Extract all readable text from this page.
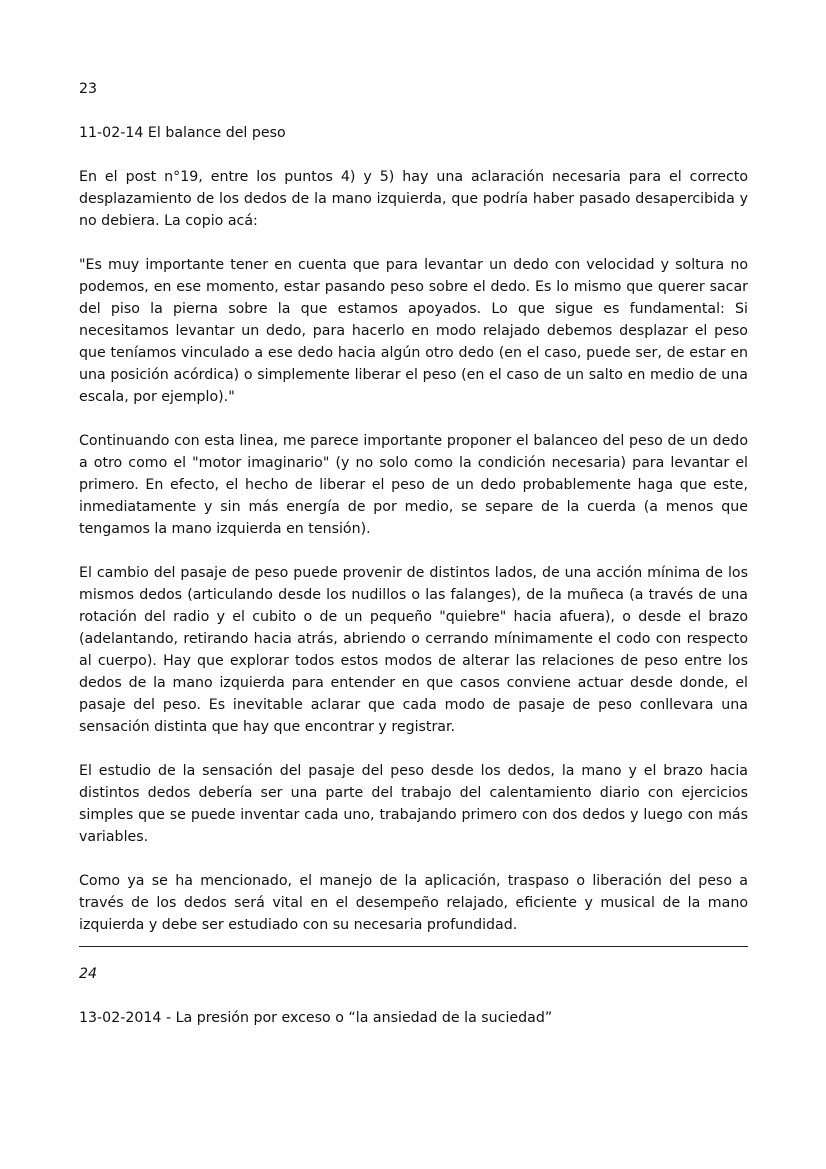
23

11-02-14 El balance del peso

En el post n°19, entre los puntos 4) y 5) hay una aclaración necesaria para el correcto desplazamiento de los dedos de la mano izquierda, que podría haber pasado desapercibida y no debiera. La copio acá:

"Es muy importante tener en cuenta que para levantar un dedo con velocidad y soltura no podemos, en ese momento, estar pasando peso sobre el dedo. Es lo mismo que querer sacar del piso la pierna sobre la que estamos apoyados. Lo que sigue es fundamental: Si necesitamos levantar un dedo, para hacerlo en modo relajado debemos desplazar el peso que teníamos vinculado a ese dedo hacia algún otro dedo (en el caso, puede ser, de estar en una posición acórdica) o simplemente liberar el peso (en el caso de un salto en medio de una escala, por ejemplo)."

Continuando con esta linea, me parece importante proponer el balanceo del peso de un dedo a otro como el "motor imaginario" (y no solo como la condición necesaria) para levantar el primero. En efecto, el hecho de liberar el peso de un dedo probablemente haga que este, inmediatamente y sin más energía de por medio, se separe de la cuerda (a menos que tengamos la mano izquierda en tensión).

El cambio del pasaje de peso puede provenir de distintos lados, de una acción mínima de los mismos dedos (articulando desde los nudillos o las falanges), de la muñeca (a través de una rotación del radio y el cubito o de un pequeño "quiebre" hacia afuera), o desde el brazo (adelantando, retirando hacia atrás, abriendo o cerrando mínimamente el codo con respecto al cuerpo). Hay que explorar todos estos modos de alterar las relaciones de peso entre los dedos de la mano izquierda para entender en que casos conviene actuar desde donde, el pasaje del peso. Es inevitable aclarar que cada modo de pasaje de peso conllevara una sensación distinta que hay que encontrar y registrar.

El estudio de la sensación del pasaje del peso desde los dedos, la mano y el brazo hacia distintos dedos debería ser una parte del trabajo del calentamiento diario con ejercicios simples que se puede inventar cada uno, trabajando primero con dos dedos y luego con más variables.

Como ya se ha mencionado, el manejo de la aplicación, traspaso o liberación del peso a través de los dedos será vital en el desempeño relajado, eficiente y musical de la mano izquierda y debe ser estudiado con su necesaria profundidad.

24

13-02-2014 - La presión por exceso o “la ansiedad de la suciedad”
